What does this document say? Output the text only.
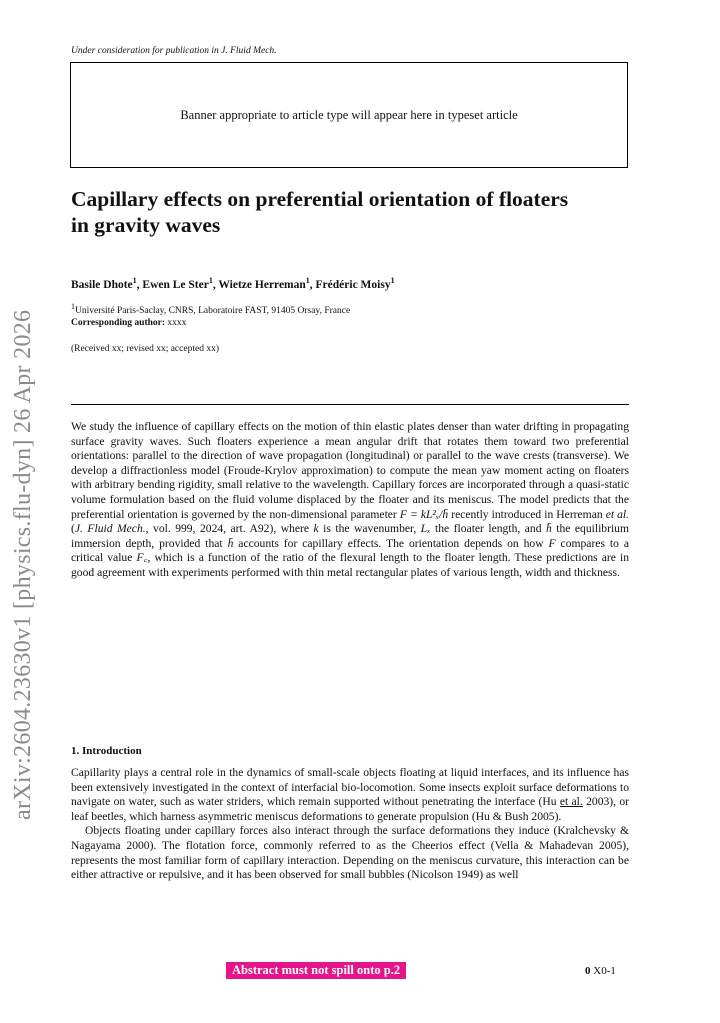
Under consideration for publication in J. Fluid Mech.
Banner appropriate to article type will appear here in typeset article
arXiv:2604.23630v1 [physics.flu-dyn] 26 Apr 2026
Capillary effects on preferential orientation of floaters in gravity waves
Basile Dhote$^1$, Ewen Le Ster$^1$, Wietze Herreman$^1$, Frédéric Moisy$^1$
$^1$Université Paris-Saclay, CNRS, Laboratoire FAST, 91405 Orsay, France
Corresponding author: xxxx
(Received xx; revised xx; accepted xx)
We study the influence of capillary effects on the motion of thin elastic plates denser than water drifting in propagating surface gravity waves. Such floaters experience a mean angular drift that rotates them toward two preferential orientations: parallel to the direction of wave propagation (longitudinal) or parallel to the wave crests (transverse). We develop a diffractionless model (Froude-Krylov approximation) to compute the mean yaw moment acting on floaters with arbitrary bending rigidity, small relative to the wavelength. Capillary forces are incorporated through a quasi-static volume formulation based on the fluid volume displaced by the floater and its meniscus. The model predicts that the preferential orientation is governed by the non-dimensional parameter F = kL²ₓ/h̄ recently introduced in Herreman et al. (J. Fluid Mech., vol. 999, 2024, art. A92), where k is the wavenumber, Lₓ the floater length, and h̄ the equilibrium immersion depth, provided that h̄ accounts for capillary effects. The orientation depends on how F compares to a critical value F꜀, which is a function of the ratio of the flexural length to the floater length. These predictions are in good agreement with experiments performed with thin metal rectangular plates of various length, width and thickness.
1. Introduction

Capillarity plays a central role in the dynamics of small-scale objects floating at liquid interfaces, and its influence has been extensively investigated in the context of interfacial bio-locomotion. Some insects exploit surface deformations to navigate on water, such as water striders, which remain supported without penetrating the interface (Hu et al. 2003), or leaf beetles, which harness asymmetric meniscus deformations to generate propulsion (Hu & Bush 2005).

Objects floating under capillary forces also interact through the surface deformations they induce (Kralchevsky & Nagayama 2000). The flotation force, commonly referred to as the Cheerios effect (Vella & Mahadevan 2005), represents the most familiar form of capillary interaction. Depending on the meniscus curvature, this interaction can be either attractive or repulsive, and it has been observed for small bubbles (Nicolson 1949) as well

Abstract must not spill onto p.2	0 X0-1
